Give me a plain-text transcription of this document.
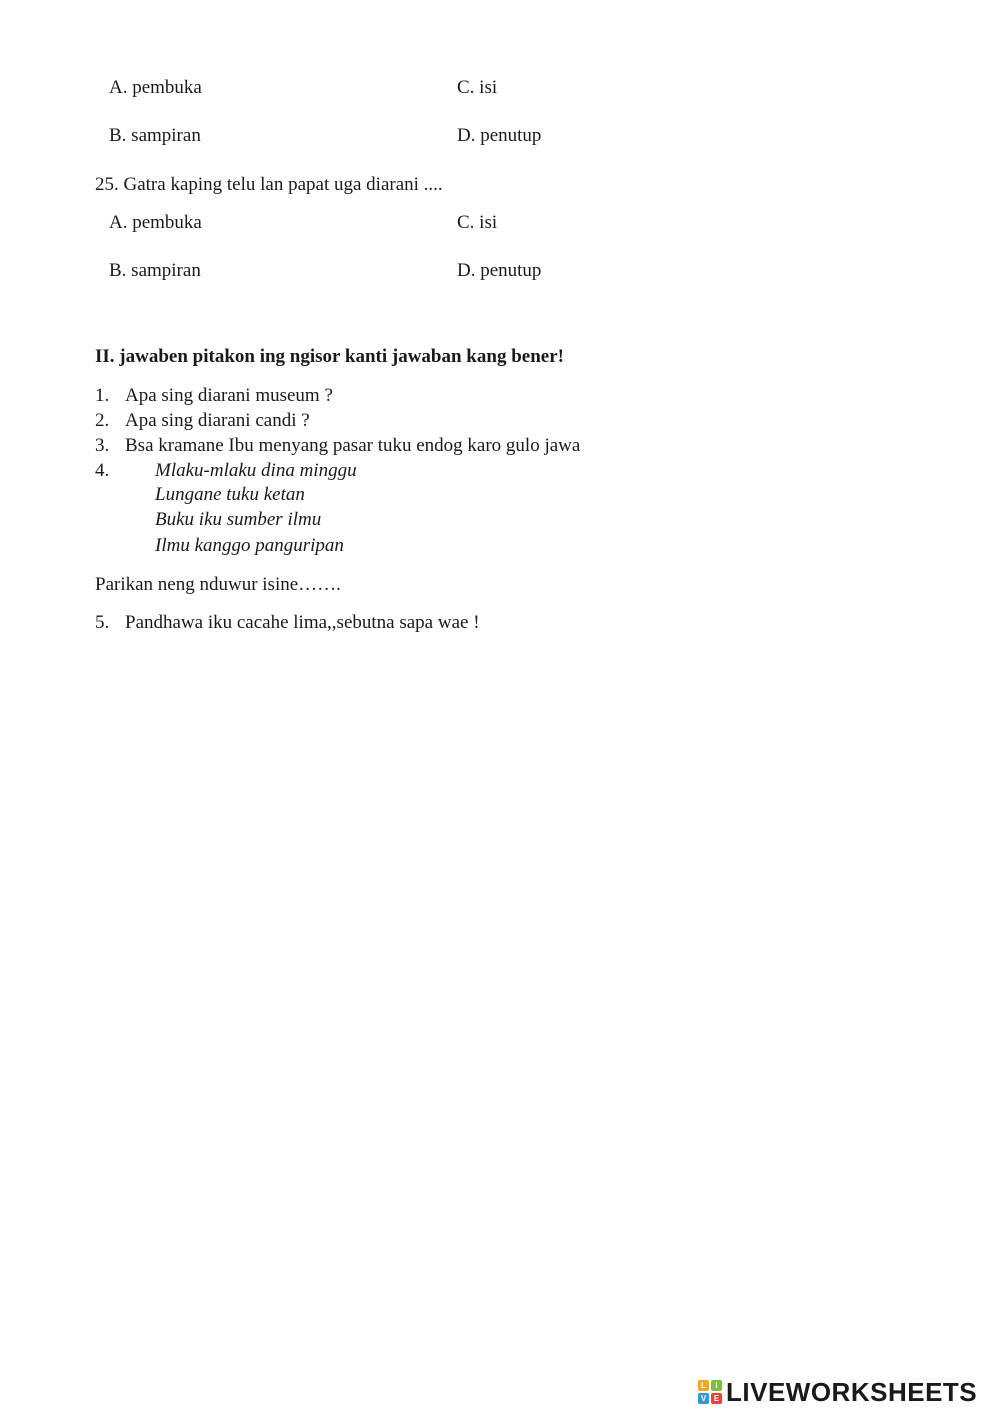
A. pembuka	C. isi
B. sampiran	D. penutup
25. Gatra kaping telu lan papat uga diarani ....
A. pembuka	C. isi
B. sampiran	D. penutup
II. jawaben pitakon ing ngisor kanti jawaban kang bener!
1. Apa sing diarani museum ?
2. Apa sing diarani candi ?
3. Bsa kramane Ibu menyang pasar tuku endog karo gulo jawa
4. Mlaku-mlaku dina minggu
Lungane tuku ketan
Buku iku sumber ilmu
Ilmu kanggo panguripan
Parikan neng nduwur isine…….
5. Pandhawa iku cacahe lima,,sebutna sapa wae !
L	I
V E LIVEWORKSHEETS
